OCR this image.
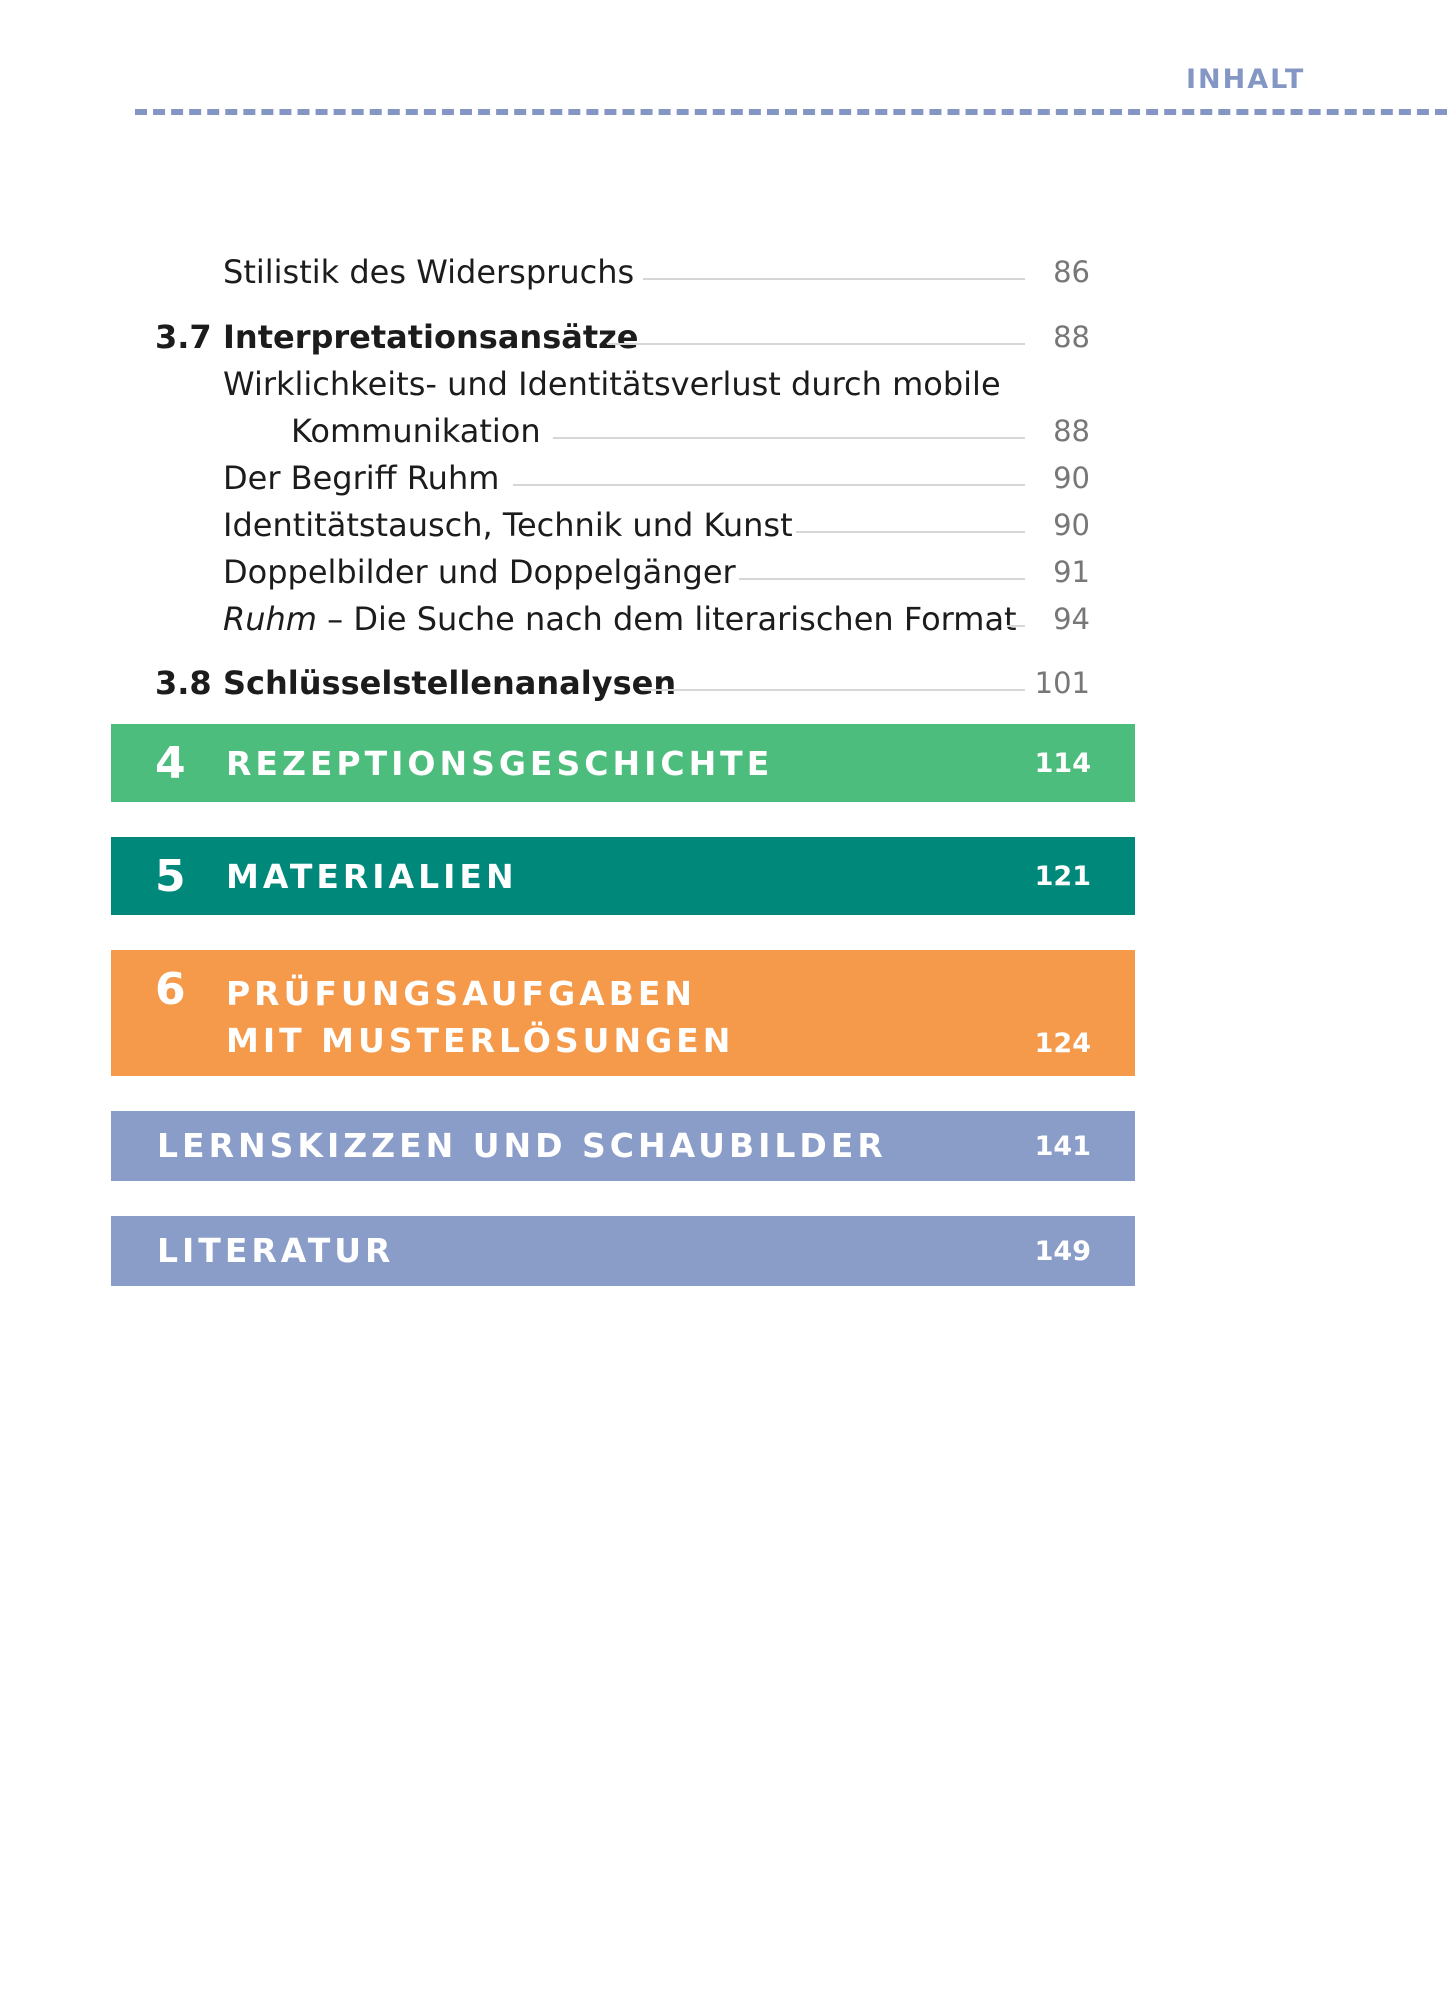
INHALT
Stilistik des Widerspruchs	86
3.7 Interpretationsansätze	88
Wirklichkeits- und Identitätsverlust durch mobile
Kommunikation	88
Der Begriff Ruhm	90
Identitätstausch, Technik und Kunst	90
Doppelbilder und Doppelgänger	91
Ruhm – Die Suche nach dem literarischen Format 94
3.8 Schlüsselstellenanalysen	101
4 REZEPTIONSGESCHICHTE	114
5 MATERIALIEN	121
6 PRÜFUNGSAUFGABEN
MIT MUSTERLÖSUNGEN	124
LERNSKIZZEN UND SCHAUBILDER	141
LITERATUR	149
